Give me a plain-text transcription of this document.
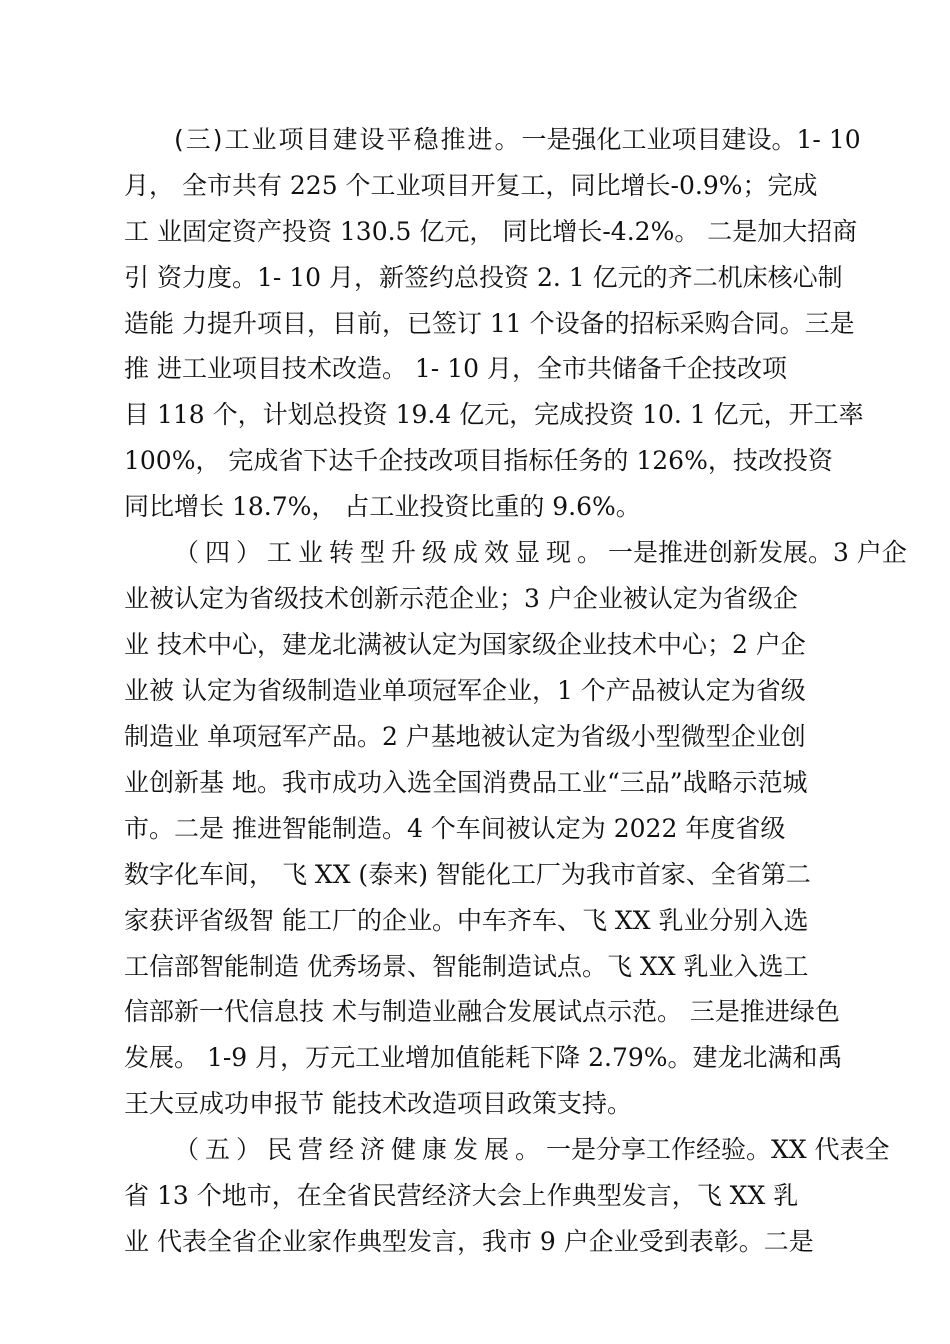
(三)工业项目建设平稳推进。一是强化工业项目建设。1- 10
月， 全市共有 225 个工业项目开复工，同比增长-0.9%；完成
工 业固定资产投资 130.5 亿元， 同比增长-4.2%。 二是加大招商
引 资力度。1- 10 月，新签约总投资 2. 1 亿元的齐二机床核心制
造能 力提升项目，目前，已签订 11 个设备的招标采购合同。三是
推 进工业项目技术改造。 1- 10 月，全市共储备千企技改项
目 118 个，计划总投资 19.4 亿元，完成投资 10. 1 亿元，开工率
100%， 完成省下达千企技改项目指标任务的 126%，技改投资
同比增长 18.7%， 占工业投资比重的 9.6%。
（四）工业转型升级成效显现。一是推进创新发展。3 户企
业被认定为省级技术创新示范企业；3 户企业被认定为省级企
业 技术中心，建龙北满被认定为国家级企业技术中心；2 户企
业被 认定为省级制造业单项冠军企业，1 个产品被认定为省级
制造业 单项冠军产品。2 户基地被认定为省级小型微型企业创
业创新基 地。我市成功入选全国消费品工业“三品”战略示范城
市。二是 推进智能制造。4 个车间被认定为 2022 年度省级
数字化车间， 飞 XX (泰来) 智能化工厂为我市首家、全省第二
家获评省级智 能工厂的企业。中车齐车、飞 XX 乳业分别入选
工信部智能制造 优秀场景、智能制造试点。飞 XX 乳业入选工
信部新一代信息技 术与制造业融合发展试点示范。 三是推进绿色
发展。 1-9 月，万元工业增加值能耗下降 2.79%。建龙北满和禹
王大豆成功申报节 能技术改造项目政策支持。
（五）民营经济健康发展。一是分享工作经验。XX 代表全
省 13 个地市，在全省民营经济大会上作典型发言，飞 XX 乳
业 代表全省企业家作典型发言，我市 9 户企业受到表彰。二是
